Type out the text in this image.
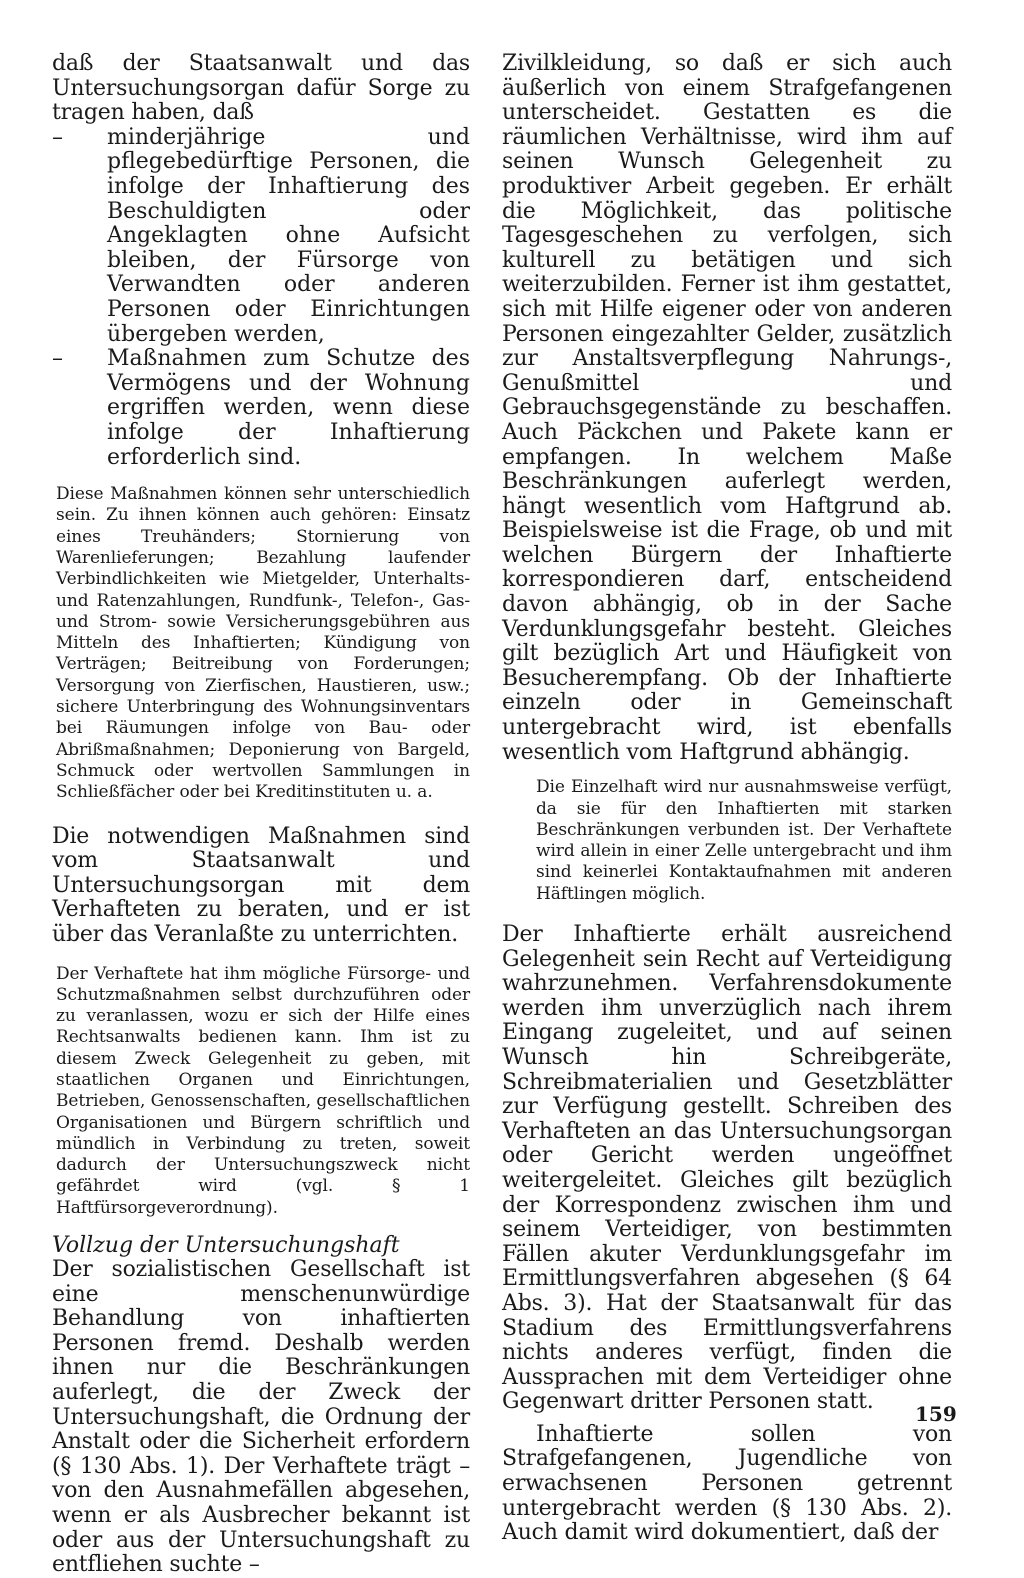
daß der Staatsanwalt und das Untersuchungsorgan dafür Sorge zu tragen haben, daß

– minderjährige und pflegebedürftige Personen, die infolge der Inhaftierung des Beschuldigten oder Angeklagten ohne Aufsicht bleiben, der Fürsorge von Verwandten oder anderen Personen oder Einrichtungen übergeben werden,
– Maßnahmen zum Schutze des Vermögens und der Wohnung ergriffen werden, wenn diese infolge der Inhaftierung erforderlich sind.

Diese Maßnahmen können sehr unterschiedlich sein. Zu ihnen können auch gehören: Einsatz eines Treuhänders; Stornierung von Warenlieferungen; Bezahlung laufender Verbindlichkeiten wie Mietgelder, Unterhalts- und Ratenzahlungen, Rundfunk-, Telefon-, Gas- und Strom- sowie Versicherungsgebühren aus Mitteln des Inhaftierten; Kündigung von Verträgen; Beitreibung von Forderungen; Versorgung von Zierfischen, Haustieren, usw.; sichere Unterbringung des Wohnungsinventars bei Räumungen infolge von Bau- oder Abrißmaßnahmen; Deponierung von Bargeld, Schmuck oder wertvollen Sammlungen in Schließfächer oder bei Kreditinstituten u. a.

Die notwendigen Maßnahmen sind vom Staatsanwalt und Untersuchungsorgan mit dem Verhafteten zu beraten, und er ist über das Veranlaßte zu unterrichten.

Der Verhaftete hat ihm mögliche Fürsorge- und Schutzmaßnahmen selbst durchzuführen oder zu veranlassen, wozu er sich der Hilfe eines Rechtsanwalts bedienen kann. Ihm ist zu diesem Zweck Gelegenheit zu geben, mit staatlichen Organen und Einrichtungen, Betrieben, Genossenschaften, gesellschaftlichen Organisationen und Bürgern schriftlich und mündlich in Verbindung zu treten, soweit dadurch der Untersuchungszweck nicht gefährdet wird (vgl. § 1 Haftfürsorgeverordnung).

Vollzug der Untersuchungshaft

Der sozialistischen Gesellschaft ist eine menschenunwürdige Behandlung von inhaftierten Personen fremd. Deshalb werden ihnen nur die Beschränkungen auferlegt, die der Zweck der Untersuchungshaft, die Ordnung der Anstalt oder die Sicherheit erfordern (§ 130 Abs. 1). Der Verhaftete trägt – von den Ausnahmefällen abgesehen, wenn er als Ausbrecher bekannt ist oder aus der Untersuchungshaft zu entfliehen suchte –

Zivilkleidung, so daß er sich auch äußerlich von einem Strafgefangenen unterscheidet. Gestatten es die räumlichen Verhältnisse, wird ihm auf seinen Wunsch Gelegenheit zu produktiver Arbeit gegeben. Er erhält die Möglichkeit, das politische Tagesgeschehen zu verfolgen, sich kulturell zu betätigen und sich weiterzubilden. Ferner ist ihm gestattet, sich mit Hilfe eigener oder von anderen Personen eingezahlter Gelder, zusätzlich zur Anstaltsverpflegung Nahrungs-, Genußmittel und Gebrauchsgegenstände zu beschaffen. Auch Päckchen und Pakete kann er empfangen. In welchem Maße Beschränkungen auferlegt werden, hängt wesentlich vom Haftgrund ab. Beispielsweise ist die Frage, ob und mit welchen Bürgern der Inhaftierte korrespondieren darf, entscheidend davon abhängig, ob in der Sache Verdunklungsgefahr besteht. Gleiches gilt bezüglich Art und Häufigkeit von Besucherempfang. Ob der Inhaftierte einzeln oder in Gemeinschaft untergebracht wird, ist ebenfalls wesentlich vom Haftgrund abhängig.

Die Einzelhaft wird nur ausnahmsweise verfügt, da sie für den Inhaftierten mit starken Beschränkungen verbunden ist. Der Verhaftete wird allein in einer Zelle untergebracht und ihm sind keinerlei Kontaktaufnahmen mit anderen Häftlingen möglich.

Der Inhaftierte erhält ausreichend Gelegenheit sein Recht auf Verteidigung wahrzunehmen. Verfahrensdokumente werden ihm unverzüglich nach ihrem Eingang zugeleitet, und auf seinen Wunsch hin Schreibgeräte, Schreibmaterialien und Gesetzblätter zur Verfügung gestellt. Schreiben des Verhafteten an das Untersuchungsorgan oder Gericht werden ungeöffnet weitergeleitet. Gleiches gilt bezüglich der Korrespondenz zwischen ihm und seinem Verteidiger, von bestimmten Fällen akuter Verdunklungsgefahr im Ermittlungsverfahren abgesehen (§ 64 Abs. 3). Hat der Staatsanwalt für das Stadium des Ermittlungsverfahrens nichts anderes verfügt, finden die Aussprachen mit dem Verteidiger ohne Gegenwart dritter Personen statt.

Inhaftierte sollen von Strafgefangenen, Jugendliche von erwachsenen Personen getrennt untergebracht werden (§ 130 Abs. 2). Auch damit wird dokumentiert, daß der

159
